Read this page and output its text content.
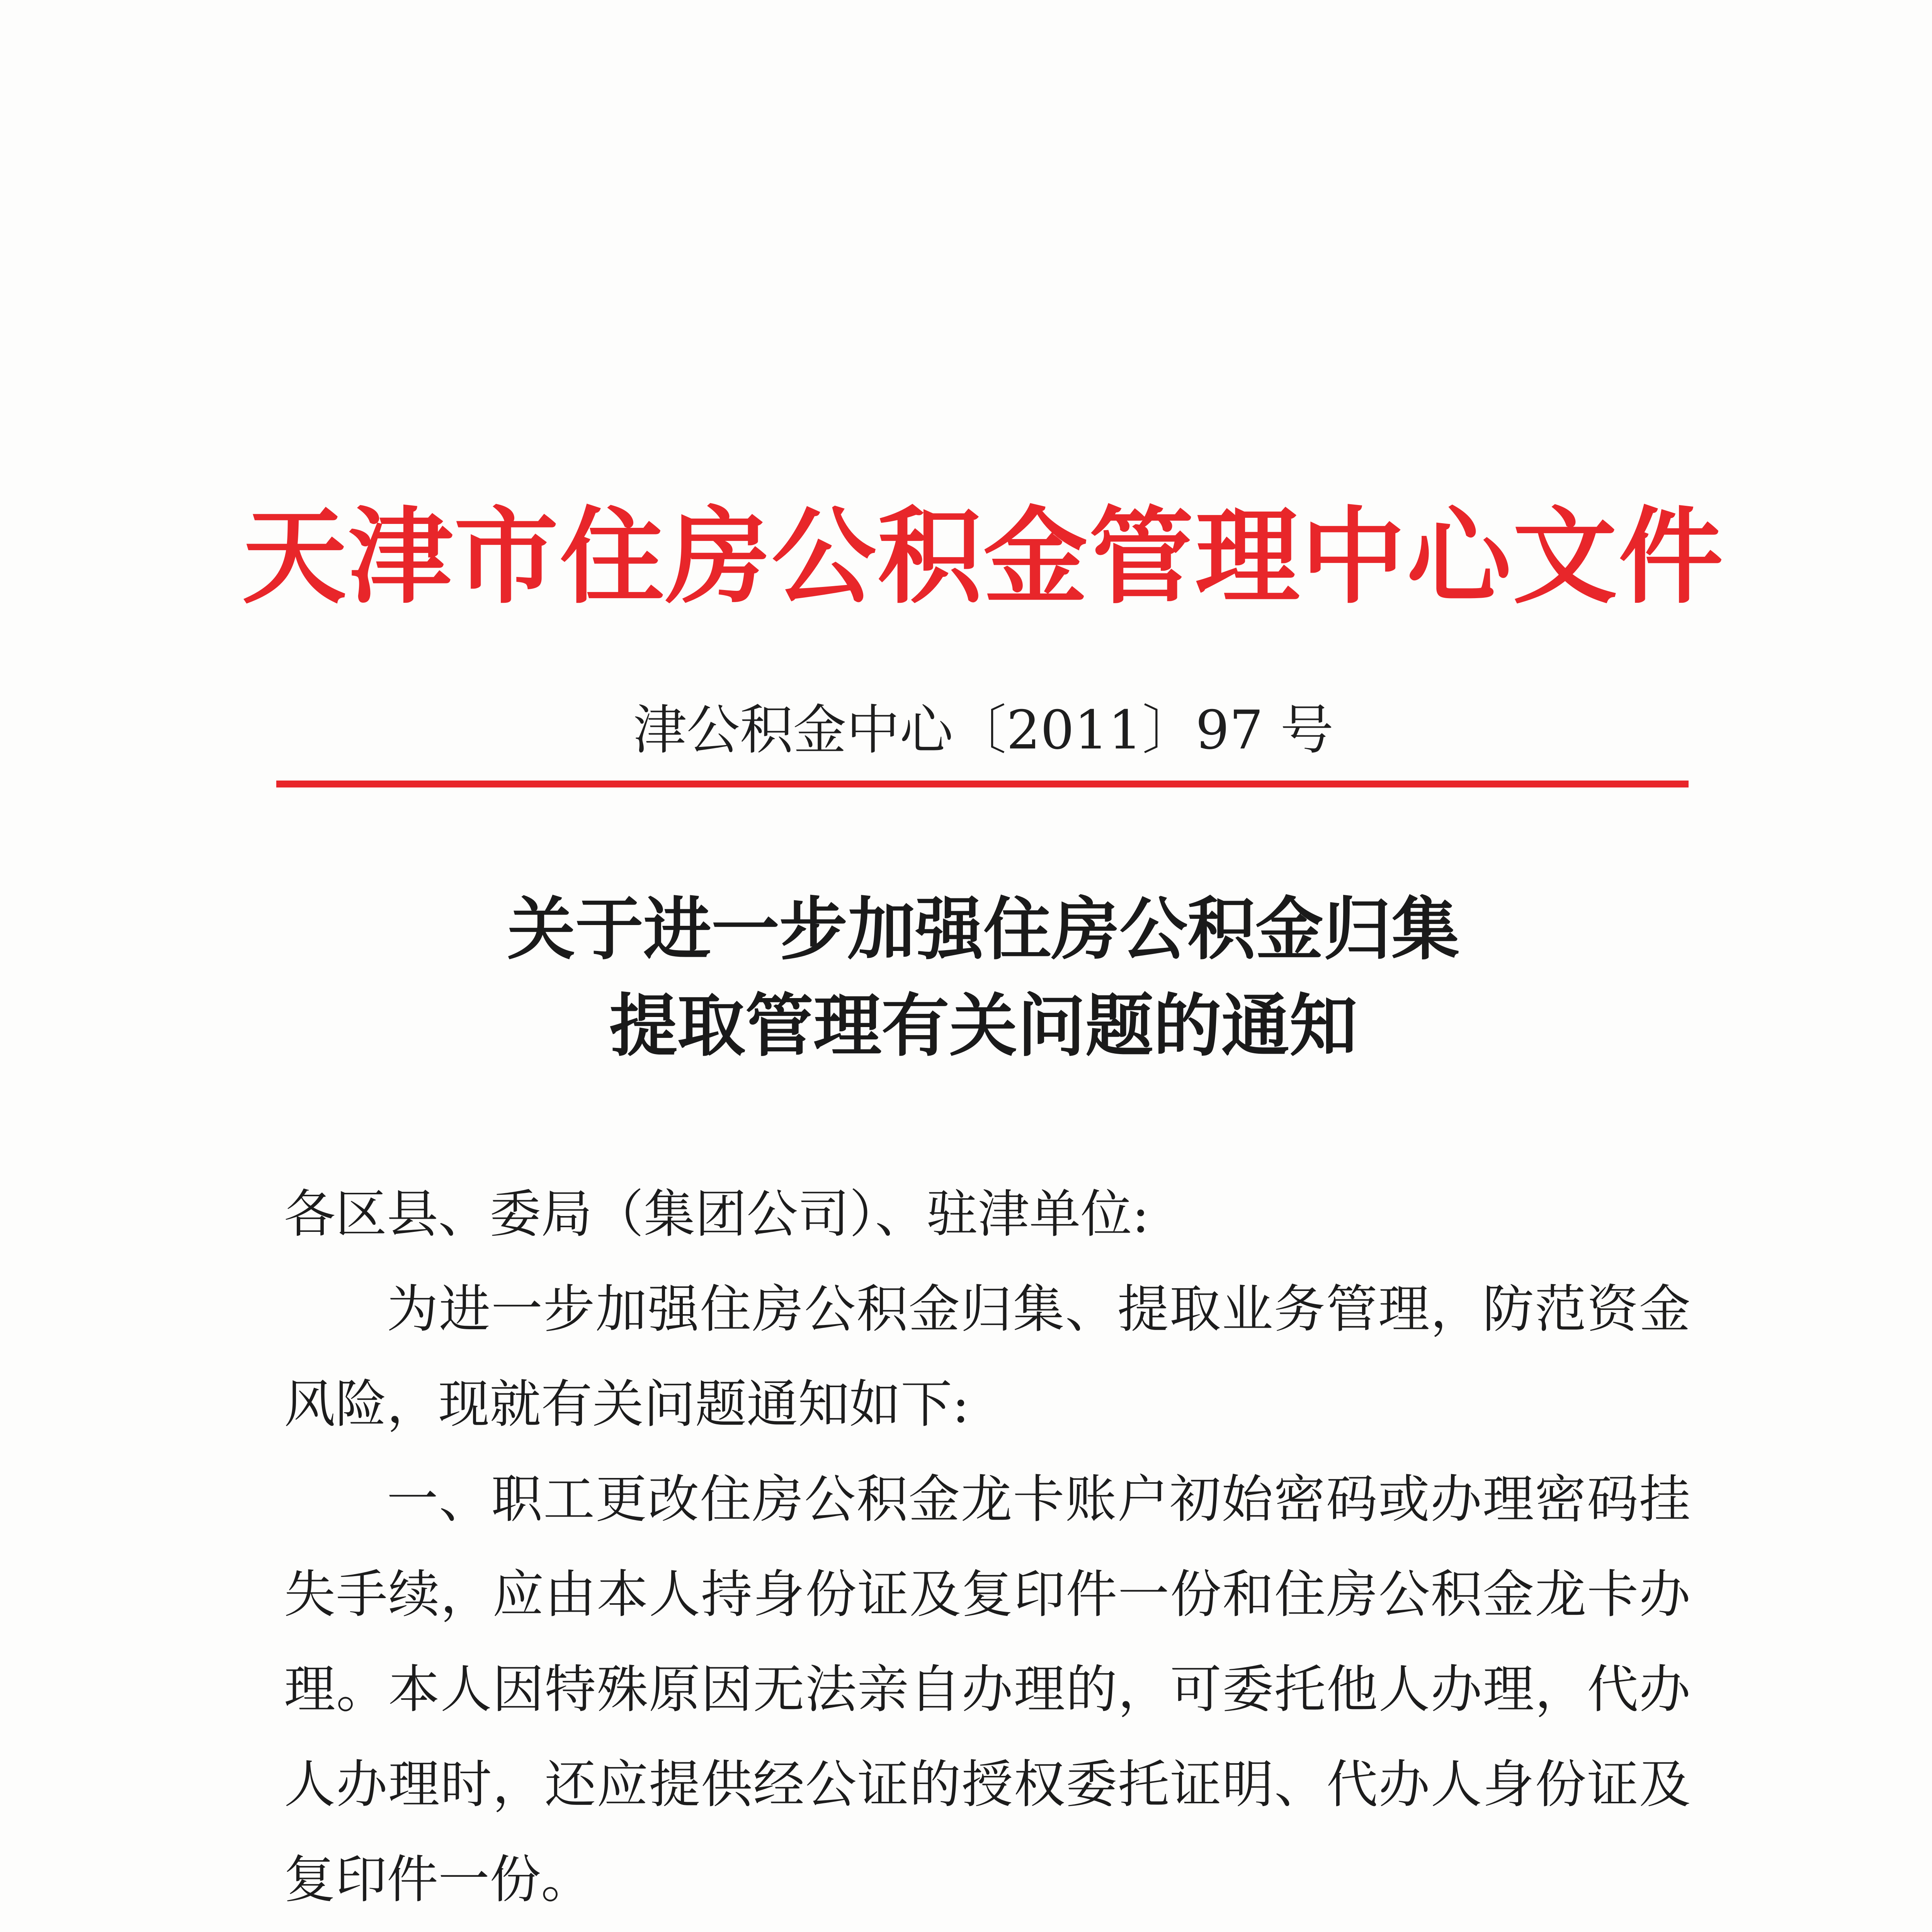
天津市住房公积金管理中心文件
津公积金中心〔2011〕97 号
关于进一步加强住房公积金归集
提取管理有关问题的通知

各区县、委局（集团公司）、驻津单位:

为进一步加强住房公积金归集、提取业务管理，防范资金风险，现就有关问题通知如下:

一、职工更改住房公积金龙卡账户初始密码或办理密码挂失手续，应由本人持身份证及复印件一份和住房公积金龙卡办理。本人因特殊原因无法亲自办理的，可委托他人办理，代办人办理时，还应提供经公证的授权委托证明、代办人身份证及复印件一份。
